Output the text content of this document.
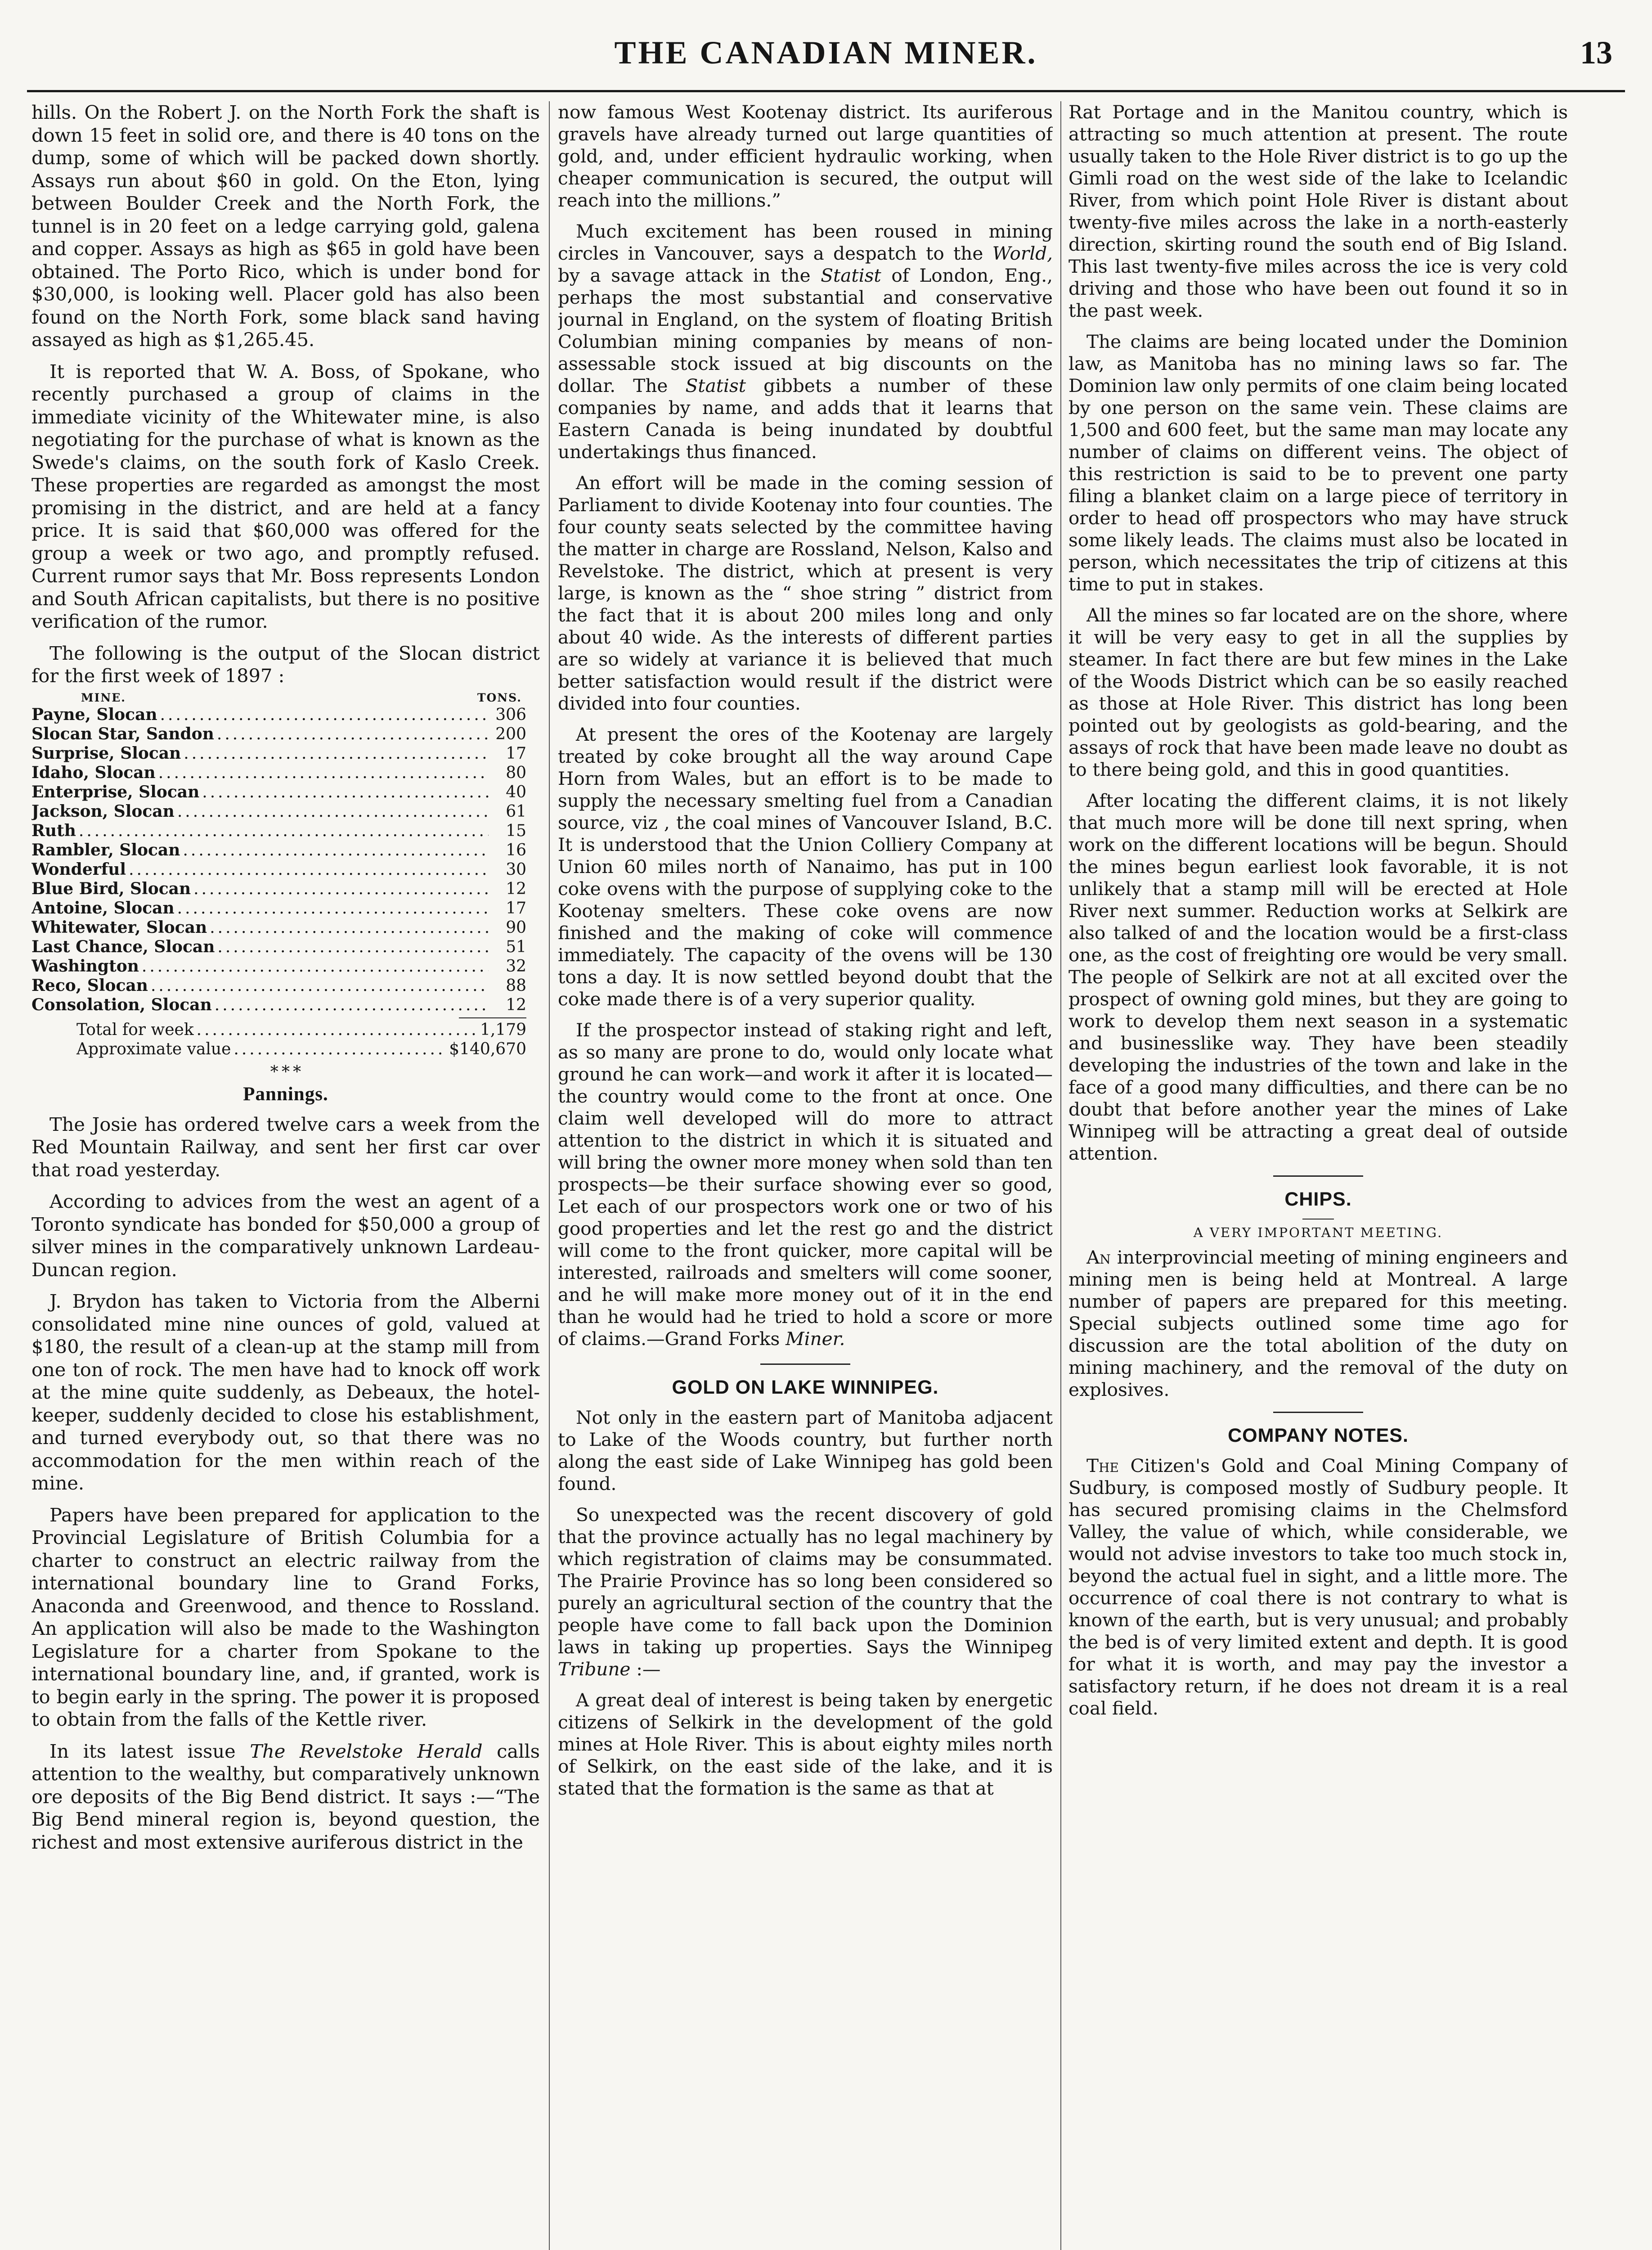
THE CANADIAN MINER.	13

hills. On the Robert J. on the North Fork the shaft is down 15 feet in solid ore, and there is 40 tons on the dump, some of which will be packed down shortly. Assays run about $60 in gold. On the Eton, lying between Boulder Creek and the North Fork, the tunnel is in 20 feet on a ledge carrying gold, galena and copper. Assays as high as $65 in gold have been obtained. The Porto Rico, which is under bond for $30,000, is looking well. Placer gold has also been found on the North Fork, some black sand having assayed as high as $1,265.45.

It is reported that W. A. Boss, of Spokane, who recently purchased a group of claims in the immediate vicinity of the Whitewater mine, is also negotiating for the purchase of what is known as the Swede's claims, on the south fork of Kaslo Creek. These properties are regarded as amongst the most promising in the district, and are held at a fancy price. It is said that $60,000 was offered for the group a week or two ago, and promptly refused. Current rumor says that Mr. Boss represents London and South African capitalists, but there is no positive verification of the rumor.

The following is the output of the Slocan district for the first week of 1897 :

MINE.	TONS.
Payne, Slocan .....	306
Slocan Star, Sandon .....	200
Surprise, Slocan .....	17
Idaho, Slocan .....	80
Enterprise, Slocan .....	40
Jackson, Slocan .....	61
Ruth .....	15
Rambler, Slocan .....	16
Wonderful .....	30
Blue Bird, Slocan .....	12
Antoine, Slocan .....	17
Whitewater, Slocan .....	90
Last Chance, Slocan .....	51
Washington .....	32
Reco, Slocan .....	88
Consolation, Slocan .....	12
Total for week .....	1,179
Approximate value .....	$140,670
* * *
Pannings.

The Josie has ordered twelve cars a week from the Red Mountain Railway, and sent her first car over that road yesterday.

According to advices from the west an agent of a Toronto syndicate has bonded for $50,000 a group of silver mines in the comparatively unknown Lardeau-Duncan region.

J. Brydon has taken to Victoria from the Alberni consolidated mine nine ounces of gold, valued at $180, the result of a clean-up at the stamp mill from one ton of rock. The men have had to knock off work at the mine quite suddenly, as Debeaux, the hotel-keeper, suddenly decided to close his establishment, and turned everybody out, so that there was no accommodation for the men within reach of the mine.

Papers have been prepared for application to the Provincial Legislature of British Columbia for a charter to construct an electric railway from the international boundary line to Grand Forks, Anaconda and Greenwood, and thence to Rossland. An application will also be made to the Washington Legislature for a charter from Spokane to the international boundary line, and, if granted, work is to begin early in the spring. The power it is proposed to obtain from the falls of the Kettle river.

In its latest issue The Revelstoke Herald calls attention to the wealthy, but comparatively unknown ore deposits of the Big Bend district. It says :—“The Big Bend mineral region is, beyond question, the richest and most extensive auriferous district in the

now famous West Kootenay district. Its auriferous gravels have already turned out large quantities of gold, and, under efficient hydraulic working, when cheaper communication is secured, the output will reach into the millions.”

Much excitement has been roused in mining circles in Vancouver, says a despatch to the World, by a savage attack in the Statist of London, Eng., perhaps the most substantial and conservative journal in England, on the system of floating British Columbian mining companies by means of non-assessable stock issued at big discounts on the dollar. The Statist gibbets a number of these companies by name, and adds that it learns that Eastern Canada is being inundated by doubtful undertakings thus financed.

An effort will be made in the coming session of Parliament to divide Kootenay into four counties. The four county seats selected by the committee having the matter in charge are Rossland, Nelson, Kalso and Revelstoke. The district, which at present is very large, is known as the “ shoe string ” district from the fact that it is about 200 miles long and only about 40 wide. As the interests of different parties are so widely at variance it is believed that much better satisfaction would result if the district were divided into four counties.

At present the ores of the Kootenay are largely treated by coke brought all the way around Cape Horn from Wales, but an effort is to be made to supply the necessary smelting fuel from a Canadian source, viz , the coal mines of Vancouver Island, B.C. It is understood that the Union Colliery Company at Union 60 miles north of Nanaimo, has put in 100 coke ovens with the purpose of supplying coke to the Kootenay smelters. These coke ovens are now finished and the making of coke will commence immediately. The capacity of the ovens will be 130 tons a day. It is now settled beyond doubt that the coke made there is of a very superior quality.

If the prospector instead of staking right and left, as so many are prone to do, would only locate what ground he can work—and work it after it is located—the country would come to the front at once. One claim well developed will do more to attract attention to the district in which it is situated and will bring the owner more money when sold than ten prospects—be their surface showing ever so good, Let each of our prospectors work one or two of his good properties and let the rest go and the district will come to the front quicker, more capital will be interested, railroads and smelters will come sooner, and he will make more money out of it in the end than he would had he tried to hold a score or more of claims.—Grand Forks Miner.

GOLD ON LAKE WINNIPEG.

Not only in the eastern part of Manitoba adjacent to Lake of the Woods country, but further north along the east side of Lake Winnipeg has gold been found.

So unexpected was the recent discovery of gold that the province actually has no legal machinery by which registration of claims may be consummated. The Prairie Province has so long been considered so purely an agricultural section of the country that the people have come to fall back upon the Dominion laws in taking up properties. Says the Winnipeg Tribune :—

A great deal of interest is being taken by energetic citizens of Selkirk in the development of the gold mines at Hole River. This is about eighty miles north of Selkirk, on the east side of the lake, and it is stated that the formation is the same as that at

Rat Portage and in the Manitou country, which is attracting so much attention at present. The route usually taken to the Hole River district is to go up the Gimli road on the west side of the lake to Icelandic River, from which point Hole River is distant about twenty-five miles across the lake in a north-easterly direction, skirting round the south end of Big Island. This last twenty-five miles across the ice is very cold driving and those who have been out found it so in the past week.

The claims are being located under the Dominion law, as Manitoba has no mining laws so far. The Dominion law only permits of one claim being located by one person on the same vein. These claims are 1,500 and 600 feet, but the same man may locate any number of claims on different veins. The object of this restriction is said to be to prevent one party filing a blanket claim on a large piece of territory in order to head off prospectors who may have struck some likely leads. The claims must also be located in person, which necessitates the trip of citizens at this time to put in stakes.

All the mines so far located are on the shore, where it will be very easy to get in all the supplies by steamer. In fact there are but few mines in the Lake of the Woods District which can be so easily reached as those at Hole River. This district has long been pointed out by geologists as gold-bearing, and the assays of rock that have been made leave no doubt as to there being gold, and this in good quantities.

After locating the different claims, it is not likely that much more will be done till next spring, when work on the different locations will be begun. Should the mines begun earliest look favorable, it is not unlikely that a stamp mill will be erected at Hole River next summer. Reduction works at Selkirk are also talked of and the location would be a first-class one, as the cost of freighting ore would be very small. The people of Selkirk are not at all excited over the prospect of owning gold mines, but they are going to work to develop them next season in a systematic and businesslike way. They have been steadily developing the industries of the town and lake in the face of a good many difficulties, and there can be no doubt that before another year the mines of Lake Winnipeg will be attracting a great deal of outside attention.

CHIPS.
A VERY IMPORTANT MEETING.

An interprovincial meeting of mining engineers and mining men is being held at Montreal. A large number of papers are prepared for this meeting. Special subjects outlined some time ago for discussion are the total abolition of the duty on mining machinery, and the removal of the duty on explosives.

COMPANY NOTES.

The Citizen's Gold and Coal Mining Company of Sudbury, is composed mostly of Sudbury people. It has secured promising claims in the Chelmsford Valley, the value of which, while considerable, we would not advise investors to take too much stock in, beyond the actual fuel in sight, and a little more. The occurrence of coal there is not contrary to what is known of the earth, but is very unusual; and probably the bed is of very limited extent and depth. It is good for what it is worth, and may pay the investor a satisfactory return, if he does not dream it is a real coal field.
